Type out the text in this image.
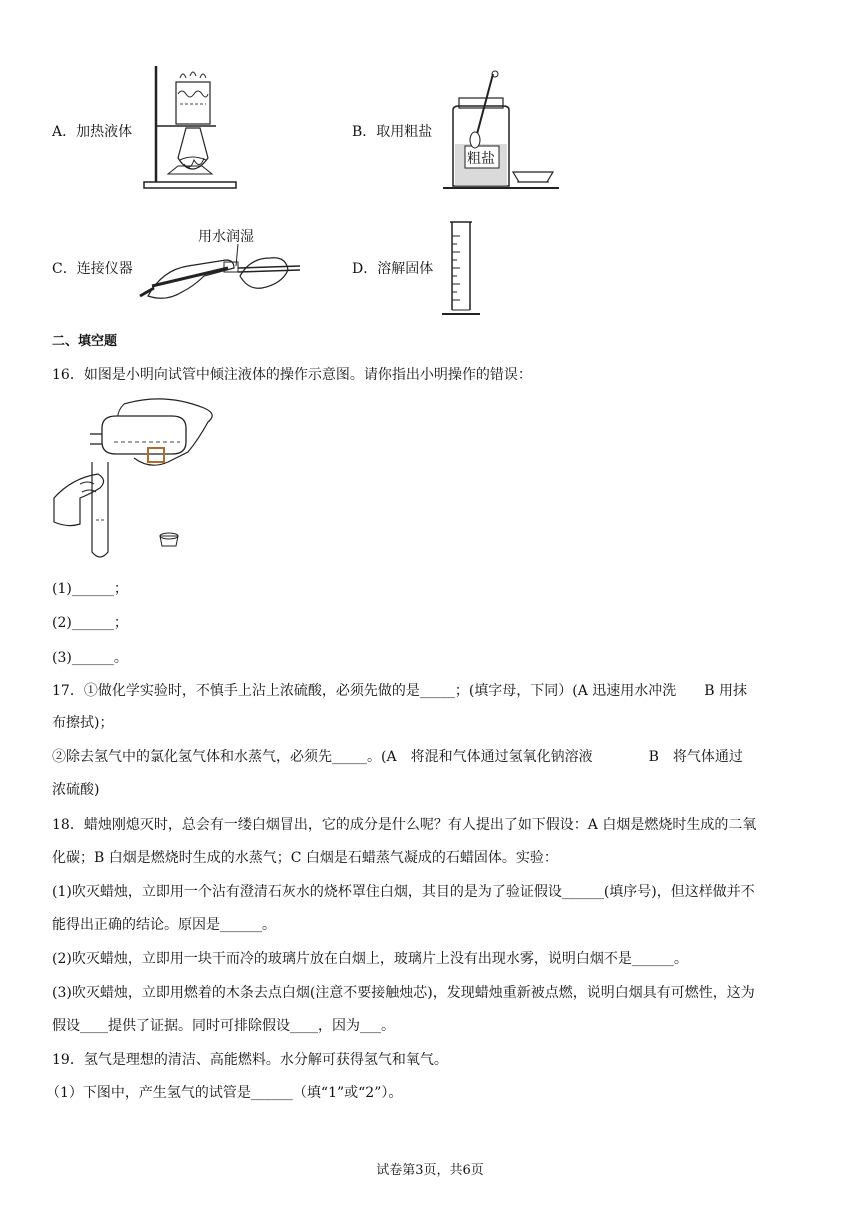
A．加热液体	B．取用粗盐
粗盐
C．连接仪器
用水润湿
D．溶解固体
二、填空题
16．如图是小明向试管中倾注液体的操作示意图。请你指出小明操作的错误：
(1)______；
(2)______；
(3)______。
17．①做化学实验时，不慎手上沾上浓硫酸，必须先做的是_____；(填字母，下同）(A 迅速用水冲洗　　B 用抹
布擦拭)；
②除去氢气中的氯化氢气体和水蒸气，必须先_____。(A　将混和气体通过氢氧化钠溶液　　　　B　将气体通过
浓硫酸)
18．蜡烛刚熄灭时，总会有一缕白烟冒出，它的成分是什么呢？有人提出了如下假设：A 白烟是燃烧时生成的二氧
化碳；B 白烟是燃烧时生成的水蒸气；C 白烟是石蜡蒸气凝成的石蜡固体。实验：
(1)吹灭蜡烛，立即用一个沾有澄清石灰水的烧杯罩住白烟，其目的是为了验证假设______(填序号)，但这样做并不
能得出正确的结论。原因是______。
(2)吹灭蜡烛，立即用一块干而冷的玻璃片放在白烟上，玻璃片上没有出现水雾，说明白烟不是______。
(3)吹灭蜡烛，立即用燃着的木条去点白烟(注意不要接触烛芯)，发现蜡烛重新被点燃，说明白烟具有可燃性，这为
假设____提供了证据。同时可排除假设____，因为___。
19．氢气是理想的清洁、高能燃料。水分解可获得氢气和氧气。
（1）下图中，产生氢气的试管是______（填“1”或“2”）。
试卷第3页，共6页
